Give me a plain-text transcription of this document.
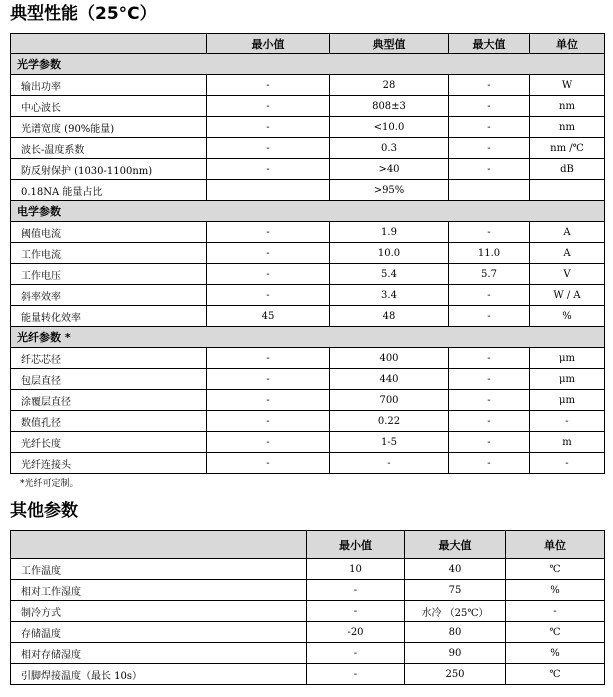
典型性能（25°C）
	最小值	典型值	最大值	单位
光学参数				
输出功率	-	28	-	W
中心波长	-	808±3	-	nm
光谱宽度 (90%能量)	-	<10.0	-	nm
波长-温度系数	-	0.3	-	nm /℃
防反射保护 (1030-1100nm)	-	>40	-	dB
0.18NA 能量占比		>95%		
电学参数				
阈值电流	-	1.9	-	A
工作电流	-	10.0	11.0	A
工作电压	-	5.4	5.7	V
斜率效率	-	3.4	-	W / A
能量转化效率	45	48	-	%
光纤参数 *				
纤芯芯径	-	400	-	μm
包层直径	-	440	-	μm
涂覆层直径	-	700	-	μm
数值孔径	-	0.22	-	-
光纤长度	-	1-5	-	m
光纤连接头	-	-	-	-
*光纤可定制。
其他参数
	最小值	最大值	单位
工作温度	10	40	℃
相对工作湿度	-	75	%
制冷方式	-	水冷 （25℃）	-
存储温度	-20	80	℃
相对存储湿度	-	90	%
引脚焊接温度（最长 10s）	-	250	℃
